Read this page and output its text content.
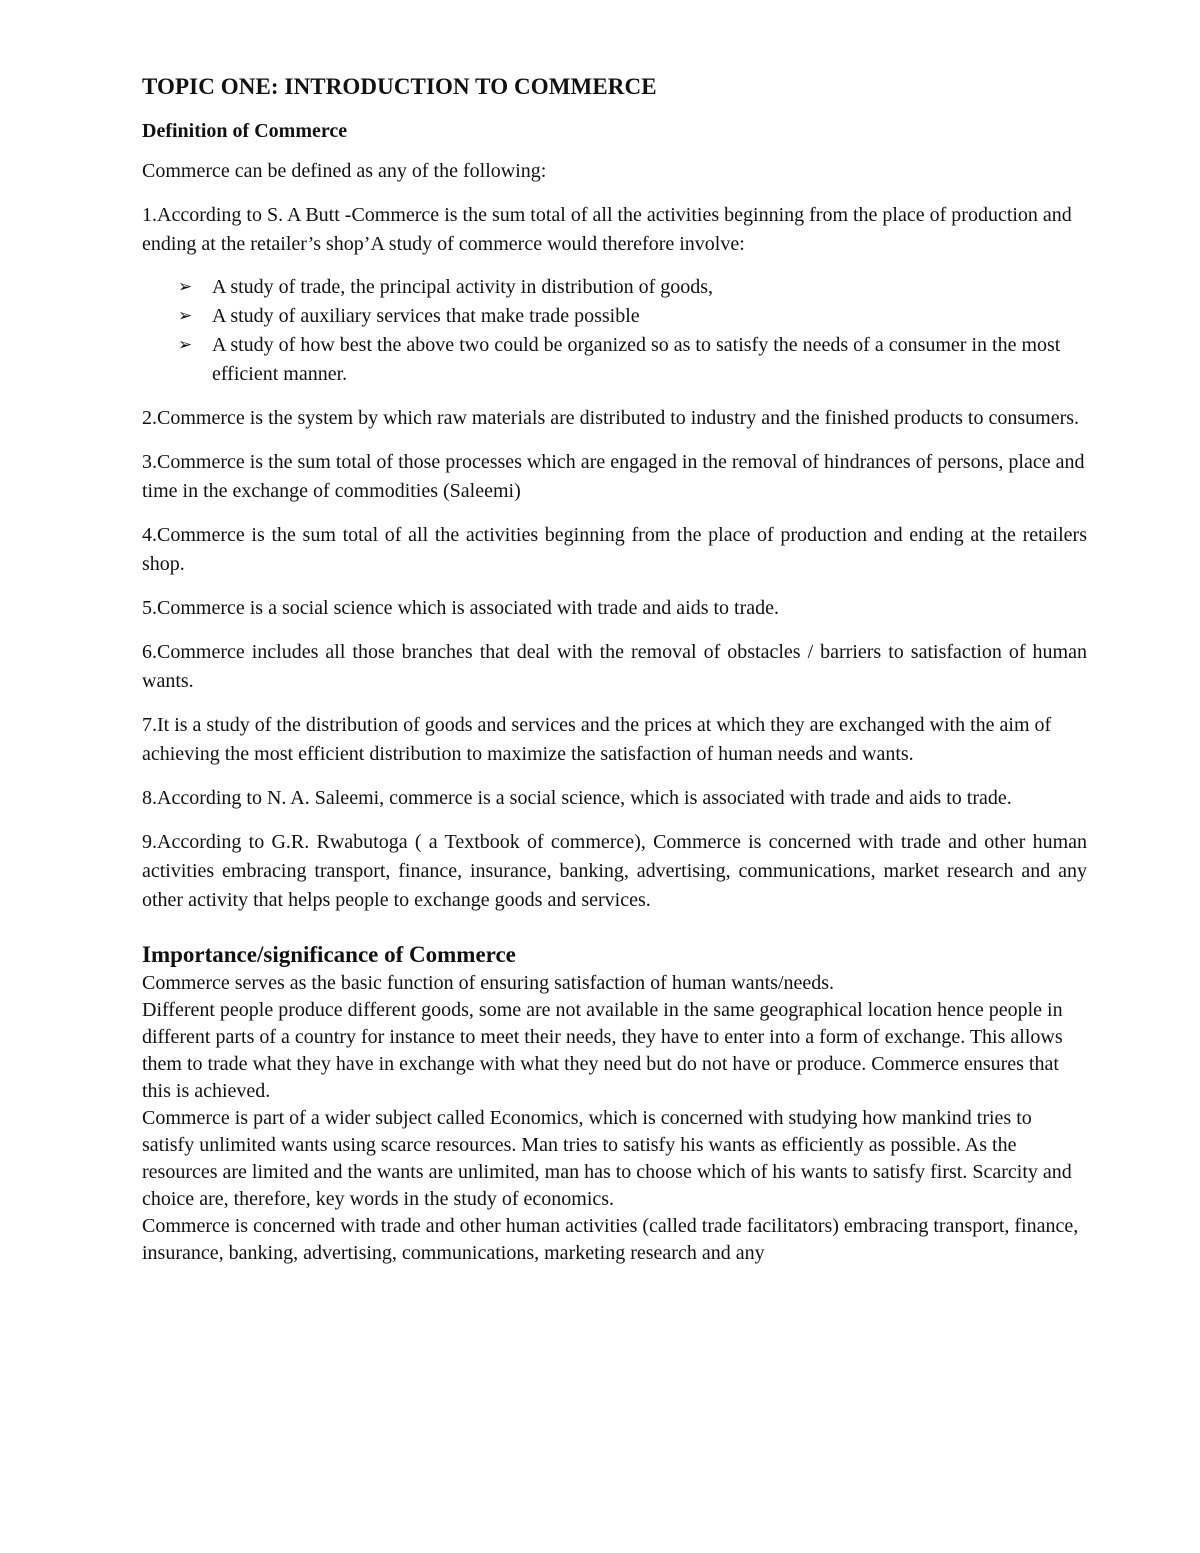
TOPIC ONE: INTRODUCTION TO COMMERCE
Definition of Commerce

Commerce can be defined as any of the following:

1.According to S. A Butt -Commerce is the sum total of all the activities beginning from the place of production and ending at the retailer’s shop’A study of commerce would therefore involve:

➢ A study of trade, the principal activity in distribution of goods,
➢ A study of auxiliary services that make trade possible
➢ A study of how best the above two could be organized so as to satisfy the needs of a consumer in the most efficient manner.

2.Commerce is the system by which raw materials are distributed to industry and the finished products to consumers.

3.Commerce is the sum total of those processes which are engaged in the removal of hindrances of persons, place and time in the exchange of commodities (Saleemi)

4.Commerce is the sum total of all the activities beginning from the place of production and ending at the retailers shop.

5.Commerce is a social science which is associated with trade and aids to trade.

6.Commerce includes all those branches that deal with the removal of obstacles / barriers to satisfaction of human wants.

7.It is a study of the distribution of goods and services and the prices at which they are exchanged with the aim of achieving the most efficient distribution to maximize the satisfaction of human needs and wants.

8.According to N. A. Saleemi, commerce is a social science, which is associated with trade and aids to trade.

9.According to G.R. Rwabutoga ( a Textbook of commerce), Commerce is concerned with trade and other human activities embracing transport, finance, insurance, banking, advertising, communications, market research and any other activity that helps people to exchange goods and services.

Importance/significance of Commerce

Commerce serves as the basic function of ensuring satisfaction of human wants/needs.

Different people produce different goods, some are not available in the same geographical location hence people in different parts of a country for instance to meet their needs, they have to enter into a form of exchange. This allows them to trade what they have in exchange with what they need but do not have or produce. Commerce ensures that this is achieved.

Commerce is part of a wider subject called Economics, which is concerned with studying how mankind tries to satisfy unlimited wants using scarce resources. Man tries to satisfy his wants as efficiently as possible. As the resources are limited and the wants are unlimited, man has to choose which of his wants to satisfy first. Scarcity and choice are, therefore, key words in the study of economics.

Commerce is concerned with trade and other human activities (called trade facilitators) embracing transport, finance, insurance, banking, advertising, communications, marketing research and any
